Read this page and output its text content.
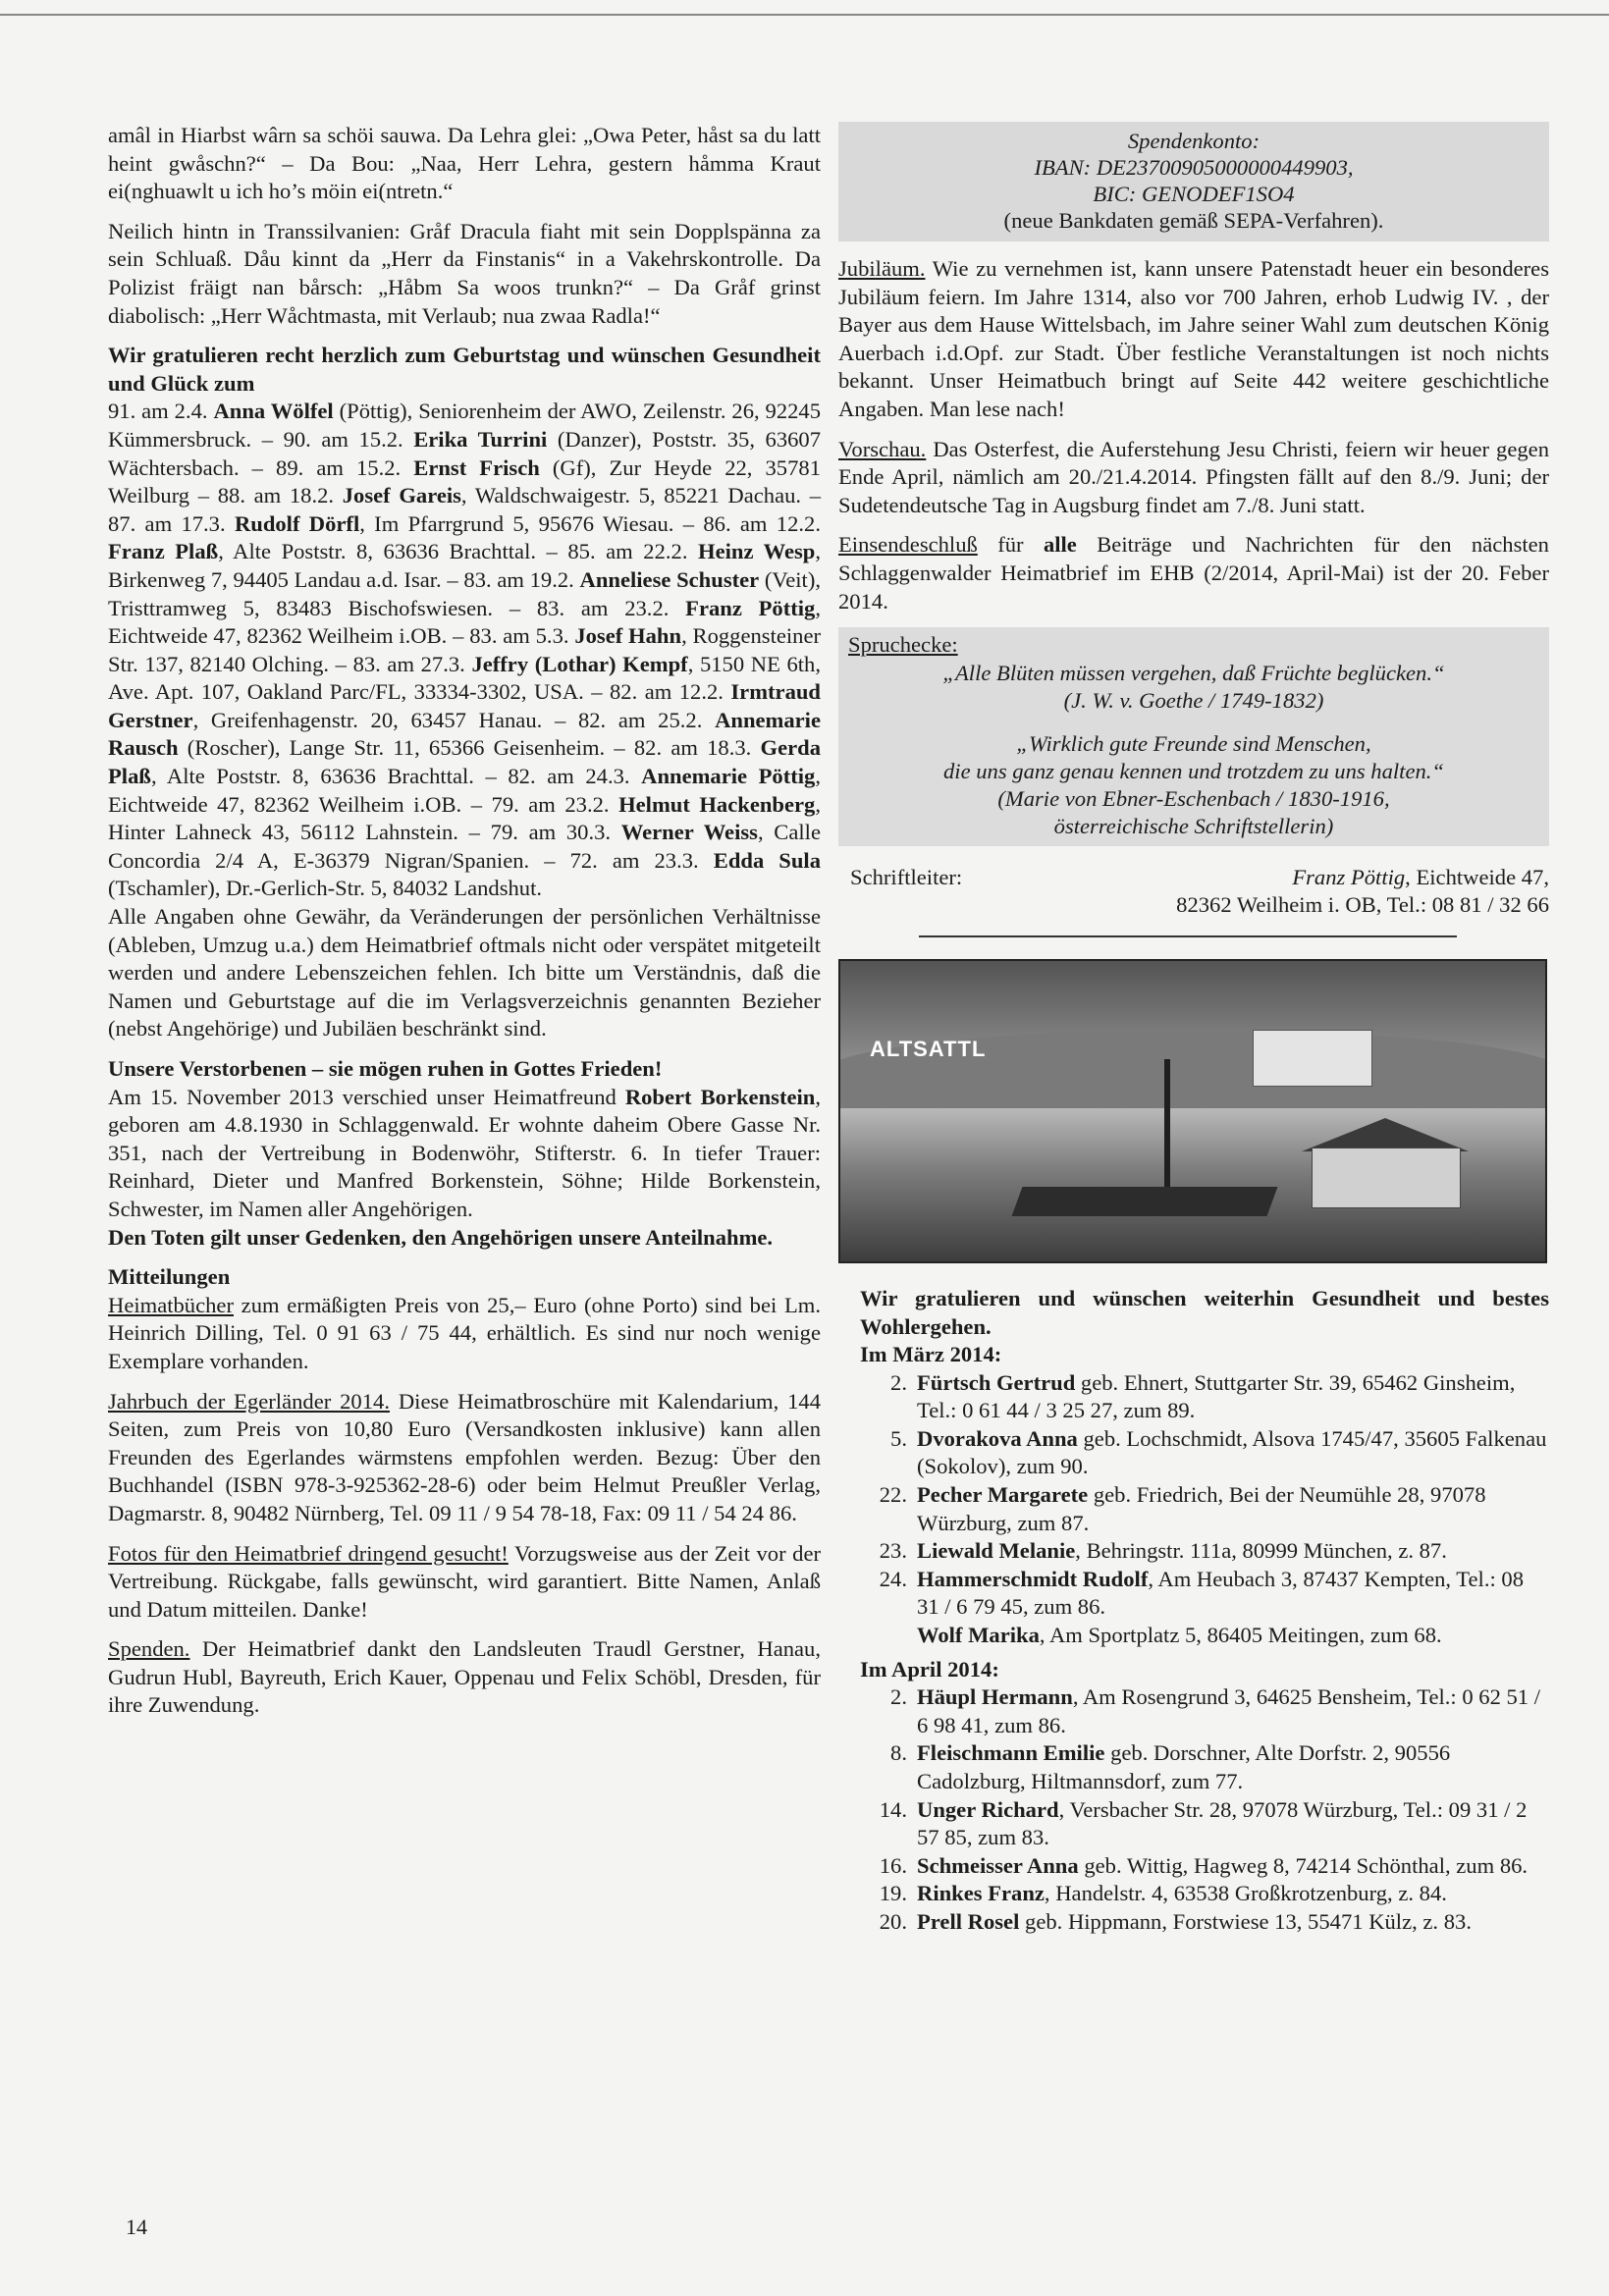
amâl in Hiarbst wârn sa schöi sauwa. Da Lehra glei: „Owa Peter, håst sa du latt heint gwåschn?“ – Da Bou: „Naa, Herr Lehra, gestern håmma Kraut ei(nghuawlt u ich ho’s möin ei(ntretn.“

Neilich hintn in Transsilvanien: Gråf Dracula fiaht mit sein Dopplspänna za sein Schluaß. Dåu kinnt da „Herr da Finstanis“ in a Vakehrskontrolle. Da Polizist fräigt nan bårsch: „Håbm Sa woos trunkn?“ – Da Gråf grinst diabolisch: „Herr Wåchtmasta, mit Verlaub; nua zwaa Radla!“

Wir gratulieren recht herzlich zum Geburtstag und wünschen Gesundheit und Glück zum

91. am 2.4. Anna Wölfel (Pöttig), Seniorenheim der AWO, Zeilenstr. 26, 92245 Kümmersbruck. – 90. am 15.2. Erika Turrini (Danzer), Poststr. 35, 63607 Wächtersbach. – 89. am 15.2. Ernst Frisch (Gf), Zur Heyde 22, 35781 Weilburg – 88. am 18.2. Josef Gareis, Waldschwaigestr. 5, 85221 Dachau. – 87. am 17.3. Rudolf Dörfl, Im Pfarrgrund 5, 95676 Wiesau. – 86. am 12.2. Franz Plaß, Alte Poststr. 8, 63636 Brachttal. – 85. am 22.2. Heinz Wesp, Birkenweg 7, 94405 Landau a.d. Isar. – 83. am 19.2. Anneliese Schuster (Veit), Tristtramweg 5, 83483 Bischofswiesen. – 83. am 23.2. Franz Pöttig, Eichtweide 47, 82362 Weilheim i.OB. – 83. am 5.3. Josef Hahn, Roggensteiner Str. 137, 82140 Olching. – 83. am 27.3. Jeffry (Lothar) Kempf, 5150 NE 6th, Ave. Apt. 107, Oakland Parc/FL, 33334-3302, USA. – 82. am 12.2. Irmtraud Gerstner, Greifenhagenstr. 20, 63457 Hanau. – 82. am 25.2. Annemarie Rausch (Roscher), Lange Str. 11, 65366 Geisenheim. – 82. am 18.3. Gerda Plaß, Alte Poststr. 8, 63636 Brachttal. – 82. am 24.3. Annemarie Pöttig, Eichtweide 47, 82362 Weilheim i.OB. – 79. am 23.2. Helmut Hackenberg, Hinter Lahneck 43, 56112 Lahnstein. – 79. am 30.3. Werner Weiss, Calle Concordia 2/4 A, E-36379 Nigran/Spanien. – 72. am 23.3. Edda Sula (Tschamler), Dr.-Gerlich-Str. 5, 84032 Landshut.

Alle Angaben ohne Gewähr, da Veränderungen der persönlichen Verhältnisse (Ableben, Umzug u.a.) dem Heimatbrief oftmals nicht oder verspätet mitgeteilt werden und andere Lebenszeichen fehlen. Ich bitte um Verständnis, daß die Namen und Geburtstage auf die im Verlagsverzeichnis genannten Bezieher (nebst Angehörige) und Jubiläen beschränkt sind.

Unsere Verstorbenen – sie mögen ruhen in Gottes Frieden!

Am 15. November 2013 verschied unser Heimatfreund Robert Borkenstein, geboren am 4.8.1930 in Schlaggenwald. Er wohnte daheim Obere Gasse Nr. 351, nach der Vertreibung in Bodenwöhr, Stifterstr. 6. In tiefer Trauer: Reinhard, Dieter und Manfred Borkenstein, Söhne; Hilde Borkenstein, Schwester, im Namen aller Angehörigen.

Den Toten gilt unser Gedenken, den Angehörigen unsere Anteilnahme.

Mitteilungen

Heimatbücher zum ermäßigten Preis von 25,– Euro (ohne Porto) sind bei Lm. Heinrich Dilling, Tel. 0 91 63 / 75 44, erhältlich. Es sind nur noch wenige Exemplare vorhanden.

Jahrbuch der Egerländer 2014. Diese Heimatbroschüre mit Kalendarium, 144 Seiten, zum Preis von 10,80 Euro (Versandkosten inklusive) kann allen Freunden des Egerlandes wärmstens empfohlen werden. Bezug: Über den Buchhandel (ISBN 978-3-925362-28-6) oder beim Helmut Preußler Verlag, Dagmarstr. 8, 90482 Nürnberg, Tel. 09 11 / 9 54 78-18, Fax: 09 11 / 54 24 86.

Fotos für den Heimatbrief dringend gesucht! Vorzugsweise aus der Zeit vor der Vertreibung. Rückgabe, falls gewünscht, wird garantiert. Bitte Namen, Anlaß und Datum mitteilen. Danke!

Spenden. Der Heimatbrief dankt den Landsleuten Traudl Gerstner, Hanau, Gudrun Hubl, Bayreuth, Erich Kauer, Oppenau und Felix Schöbl, Dresden, für ihre Zuwendung.

Spendenkonto:
IBAN: DE23700905000000449903,
BIC: GENODEF1SO4
(neue Bankdaten gemäß SEPA-Verfahren).

Jubiläum. Wie zu vernehmen ist, kann unsere Patenstadt heuer ein besonderes Jubiläum feiern. Im Jahre 1314, also vor 700 Jahren, erhob Ludwig IV. , der Bayer aus dem Hause Wittelsbach, im Jahre seiner Wahl zum deutschen König Auerbach i.d.Opf. zur Stadt. Über festliche Veranstaltungen ist noch nichts bekannt. Unser Heimatbuch bringt auf Seite 442 weitere geschichtliche Angaben. Man lese nach!

Vorschau. Das Osterfest, die Auferstehung Jesu Christi, feiern wir heuer gegen Ende April, nämlich am 20./21.4.2014. Pfingsten fällt auf den 8./9. Juni; der Sudetendeutsche Tag in Augsburg findet am 7./8. Juni statt.

Einsendeschluß für alle Beiträge und Nachrichten für den nächsten Schlaggenwalder Heimatbrief im EHB (2/2014, April-Mai) ist der 20. Feber 2014.

Spruchecke:
„Alle Blüten müssen vergehen, daß Früchte beglücken.“
(J. W. v. Goethe / 1749-1832)
„Wirklich gute Freunde sind Menschen,
die uns ganz genau kennen und trotzdem zu uns halten.“
(Marie von Ebner-Eschenbach / 1830-1916,
österreichische Schriftstellerin)
Schriftleiter:	Franz Pöttig, Eichtweide 47,
82362 Weilheim i. OB, Tel.: 08 81 / 32 66
ALTSATTL

Wir gratulieren und wünschen weiterhin Gesundheit und bestes Wohlergehen.

Im März 2014:

2. Fürtsch Gertrud geb. Ehnert, Stuttgarter Str. 39, 65462 Ginsheim, Tel.: 0 61 44 / 3 25 27, zum 89.
5. Dvorakova Anna geb. Lochschmidt, Alsova 1745/47, 35605 Falkenau (Sokolov), zum 90.
22. Pecher Margarete geb. Friedrich, Bei der Neumühle 28, 97078 Würzburg, zum 87.
23. Liewald Melanie, Behringstr. 111a, 80999 München, z. 87.
24. Hammerschmidt Rudolf, Am Heubach 3, 87437 Kempten, Tel.: 08 31 / 6 79 45, zum 86.
Wolf Marika, Am Sportplatz 5, 86405 Meitingen, zum 68.

Im April 2014:

2. Häupl Hermann, Am Rosengrund 3, 64625 Bensheim, Tel.: 0 62 51 / 6 98 41, zum 86.
8. Fleischmann Emilie geb. Dorschner, Alte Dorfstr. 2, 90556 Cadolzburg, Hiltmannsdorf, zum 77.
14. Unger Richard, Versbacher Str. 28, 97078 Würzburg, Tel.: 09 31 / 2 57 85, zum 83.
16. Schmeisser Anna geb. Wittig, Hagweg 8, 74214 Schönthal, zum 86.
19. Rinkes Franz, Handelstr. 4, 63538 Großkrotzenburg, z. 84.
20. Prell Rosel geb. Hippmann, Forstwiese 13, 55471 Külz, z. 83.
14
